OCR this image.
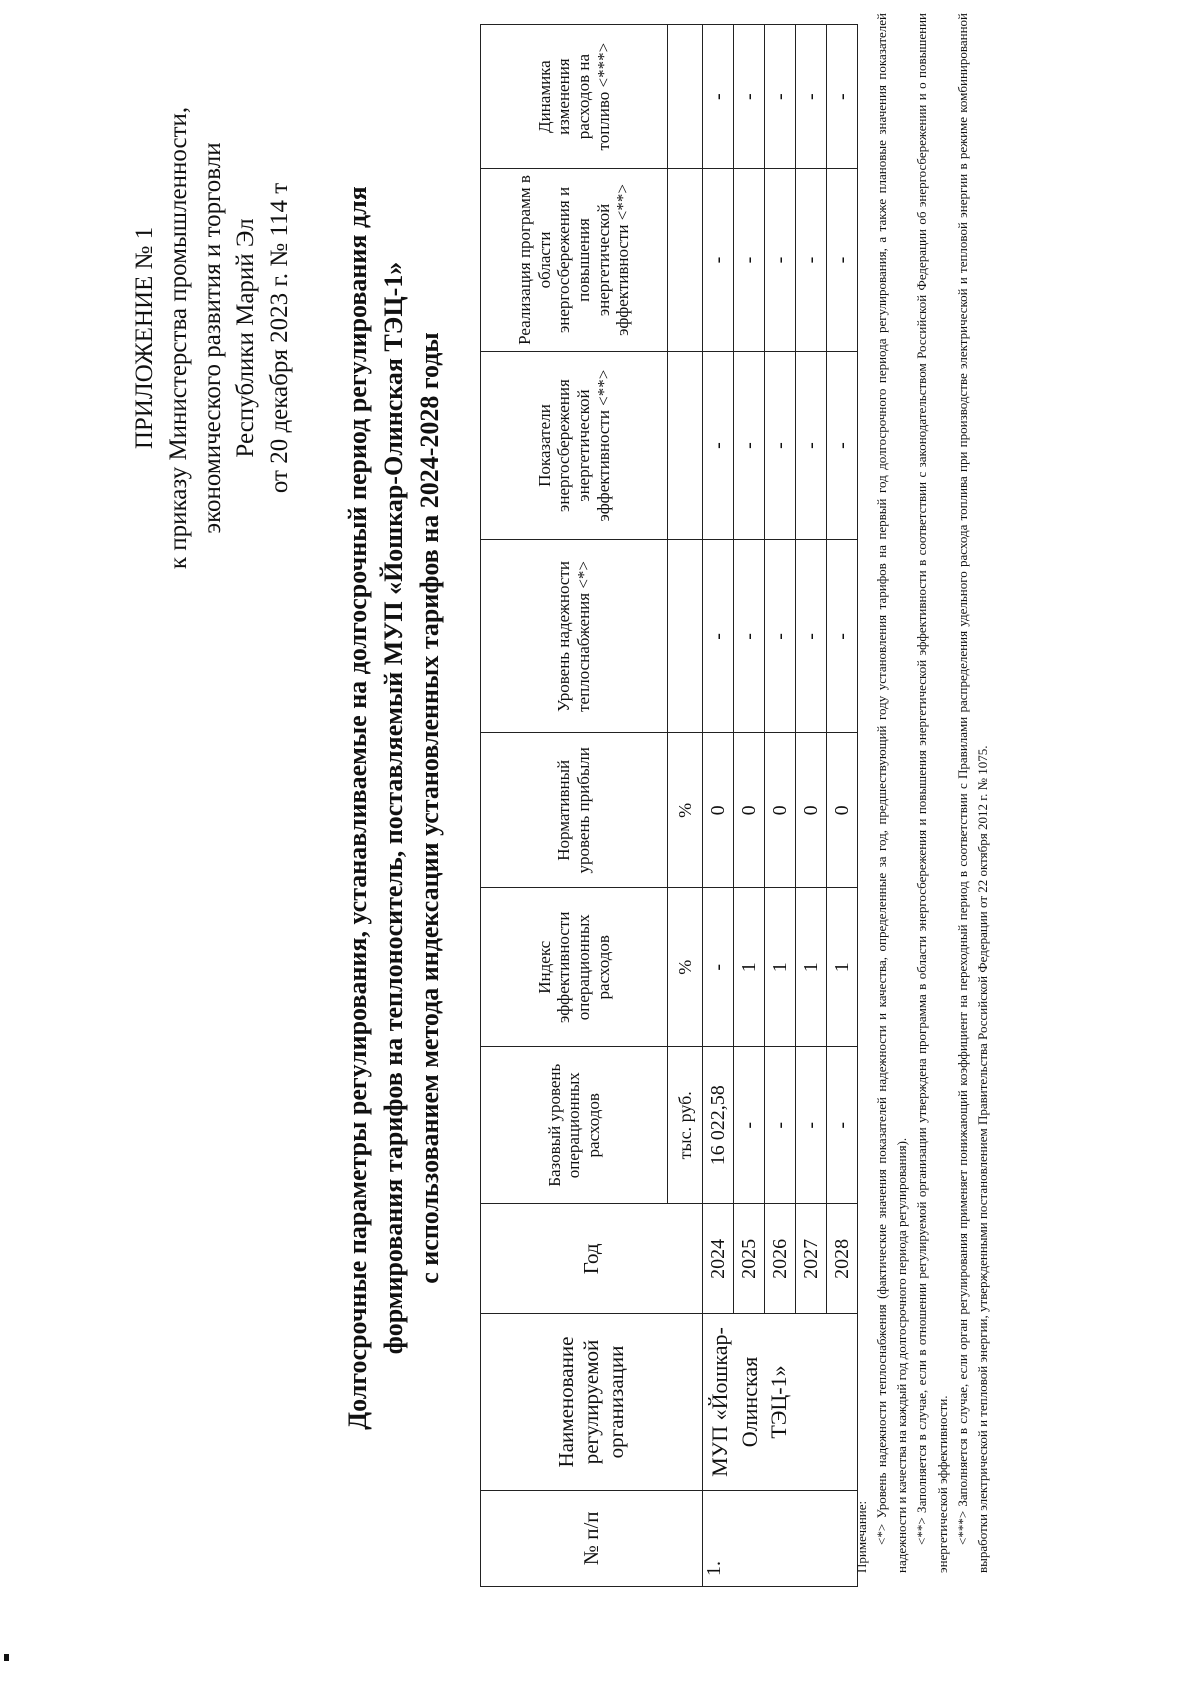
ПРИЛОЖЕНИЕ № 1 к приказу Министерства промышленности, экономического развития и торговли Республики Марий Эл от 20 декабря 2023 г. № 114 т Долгосрочные параметры регулирования, устанавливаемые на долгосрочный период регулирования для формирования тарифов на теплоноситель, поставляемый МУП «Йошкар-Олинская ТЭЦ-1» с использованием метода индексации установленных тарифов на 2024-2028 годы
№ п/п	Наименование регулируемой организации	Год	Базовый уровень операционных расходов	Индекс эффективности операционных расходов	Нормативный уровень прибыли	Уровень надежности теплоснабжения <*>	Показатели энергосбережения энергетической эффективности <**>	Реализация программ в области энергосбережения и повышения энергетической эффективности <**>	Динамика изменения расходов на топливо <***>
			тыс. руб.	%	%				
1.	МУП «Йошкар-Олинская ТЭЦ-1»	2024	16 022,58	-	0	-	-	-	-
		2025	-	1	0	-	-	-	-
		2026	-	1	0	-	-	-	-
		2027	-	1	0	-	-	-	-
		2028	-	1	0	-	-	-	-

Примечание: <*> Уровень надежности теплоснабжения (фактические значения показателей надежности и качества, определенные за год, предшествующий году установления тарифов на первый год долгосрочного периода регулирования, а также плановые значения показателей надежности и качества на каждый год долгосрочного периода регулирования). <**> Заполняется в случае, если в отношении регулируемой организации утверждена программа в области энергосбережения и повышения энергетической эффективности в соответствии с законодательством Российской Федерации об энергосбережении и о повышении энергетической эффективности. <***> Заполняется в случае, если орган регулирования применяет понижающий коэффициент на переходный период в соответствии с Правилами распределения удельного расхода топлива при производстве электрической и тепловой энергии в режиме комбинированной выработки электрической и тепловой энергии, утвержденными постановлением Правительства Российской Федерации от 22 октября 2012 г. № 1075.
